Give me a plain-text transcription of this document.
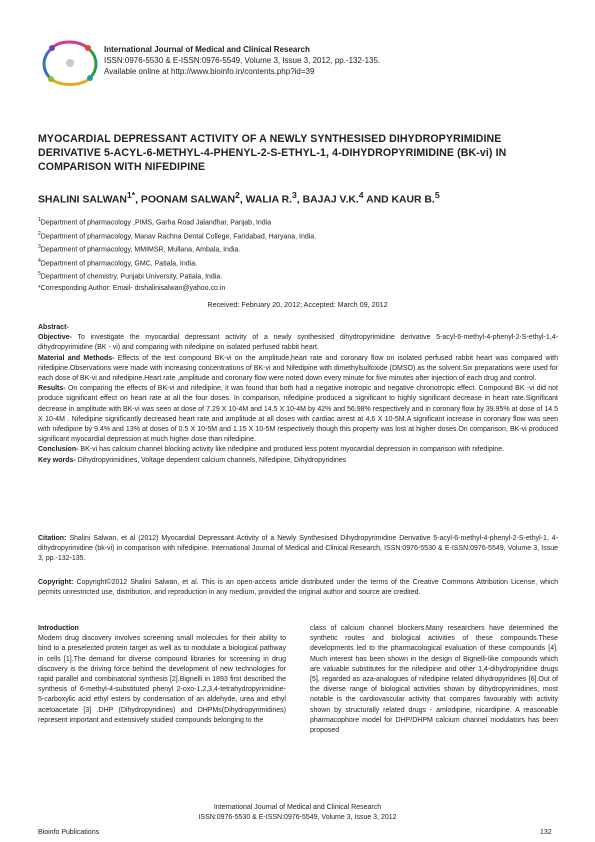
International Journal of Medical and Clinical Research
ISSN:0976-5530 & E-ISSN:0976-5549, Volume 3, Issue 3, 2012, pp.-132-135.
Available online at http://www.bioinfo.in/contents.php?id=39
MYOCARDIAL DEPRESSANT ACTIVITY OF A NEWLY SYNTHESISED DIHYDROPYRIMIDINE DERIVATIVE 5-ACYL-6-METHYL-4-PHENYL-2-S-ETHYL-1, 4-DIHYDROPYRIMIDINE (BK-vi) IN COMPARISON WITH NIFEDIPINE
SHALINI $SALWAN^{1*}$, POONAM SALWAN$^2$, WALIA R.$^3$, BAJAJ V.K.$^4$ AND KAUR B.$^5$
$^1$Department of pharmacology ,PIMS, Garha Road Jalandhar, Panjab, India
$^2$Department of pharmacology, Manav Rachna Dental College, Faridabad, Haryana, India.
$^3$Department of pharmacology, MMIMSR, Mullana, Ambala, India.
$^4$Department of pharmacology, GMC, Patiala, India.
$^5$Department of chemistry, Punjabi University, Patiala, India.
*Corresponding Author: Email- drshalinisalwan@yahoo.co.in
Received: February 20, 2012; Accepted: March 09, 2012

Abstract-

Objective- To investigate the myocardial depressant activity of a newly synthesised dihydropyrimidine derivative 5-acyl-6-methyl-4-phenyl-2-S-ethyl-1,4-dihydropyrimidine (BK - vi) and comparing with nifedipine on isolated perfused rabbit heart.

Material and Methods- Effects of the test compound BK-vi on the amplitude,heart rate and coronary flow on isolated perfused rabbit heart was compared with nifedipine.Observations were made with increasing concentrations of BK-vi and Nifedipine with dimethylsulfoxide (DMSO) as the solvent.Six preparations were used for each dose of BK-vi and nifedipine.Heart rate ,amplitude and coronary flow were noted down every minute for five minutes after injection of each drug and control.

Results- On comparing the effects of BK-vi and nifedipine, it was found that both had a negative inotropic and negative chronotropic effect. Compound BK -vi did not produce significant effect on heart rate at all the four doses. In comparison, nifedipine produced a significant to highly significant decrease in heart rate.Significant decrease in amplitude with BK-vi was seen at dose of 7.29 X 10-4M and 14.5 X 10-4M by 42% and 56.98% respectively and in coronary flow by 39.95% at dose of 14.5 X 10-4M . Nifedipine significantly decreased heart rate and amplitude at all doses with cardiac arrest at 4.6 X 10-5M.A significant increase in coronary flow was seen with nifedipine by 9.4% and 13% at doses of 0.5 X 10-5M and 1.15 X 10-5M respectively though this property was lost at higher doses.On comparison, BK-vi produced significant myocardial depression at much higher dose than nifedipine.

Conclusion- BK-vi has calcium channel blocking activity like nifedipine and produced less potent myocardial depression in comparison with nifedipine.

Key words- Dihydropyrimidines, Voltage dependent calcium channels, Nifedipine, Dihydropyridines

Citation: Shalini Salwan, et al (2012) Myocardial Depressant Activity of a Newly Synthesised Dihydropyrimidine Derivative 5-acyl-6-methyl-4-phenyl-2-S-ethyl-1, 4-dihydropyrimidine (bk-vi) in comparison with nifedipine. International Journal of Medical and Clinical Research, ISSN:0976-5530 & E-ISSN:0976-5549, Volume 3, Issue 3, pp.-132-135.
Copyright: Copyright©2012 Shalini Salwan, et al. This is an open-access article distributed under the terms of the Creative Commons Attribution License, which permits unrestricted use, distribution, and reproduction in any medium, provided the original author and source are credited.

Introduction

Modern drug discovery involves screening small molecules for their ability to bind to a preselected protein target as well as to modulate a biological pathway in cells [1].The demand for diverse compound libraries for screening in drug discovery is the driving force behind the development of new technologies for rapid parallel and combinatorial synthesis [2].Bignelli in 1893 first described the synthesis of 6-methyl-4-substituted phenyl 2-oxo-1,2,3,4-tetrahydropyrimidine-5-carboxylic acid ethyl esters by condensation of an aldehyde, urea and ethyl acetoacetate [3] .DHP (Dihydropyridines) and DHPMs(Dihydropyrimidines) represent important and extensively studied compounds belonging to the

class of calcium channel blockers.Many researchers have determined the synthetic routes and biological activities of these compounds.These developments led to the pharmacological evaluation of these compounds [4]. Much interest has been shown in the design of Bignelli-like compounds which are valuable substitutes for the nifedipine and other 1,4-dihydropyridine drugs [5], regarded as aza-analogues of nifedipine related dihydropyridines [6].Out of the diverse range of biological activities shown by dihydropyrimidines, most notable is the cardiovascular activity that compares favourably with activity shown by structurally related drugs - amlodipine, nicardipine. A reasonable pharmacophore model for DHP/DHPM calcium channel modulators has been proposed

International Journal of Medical and Clinical Research
ISSN:0976-5530 & E-ISSN:0976-5549, Volume 3, Issue 3, 2012
Bioinfo Publications	132
